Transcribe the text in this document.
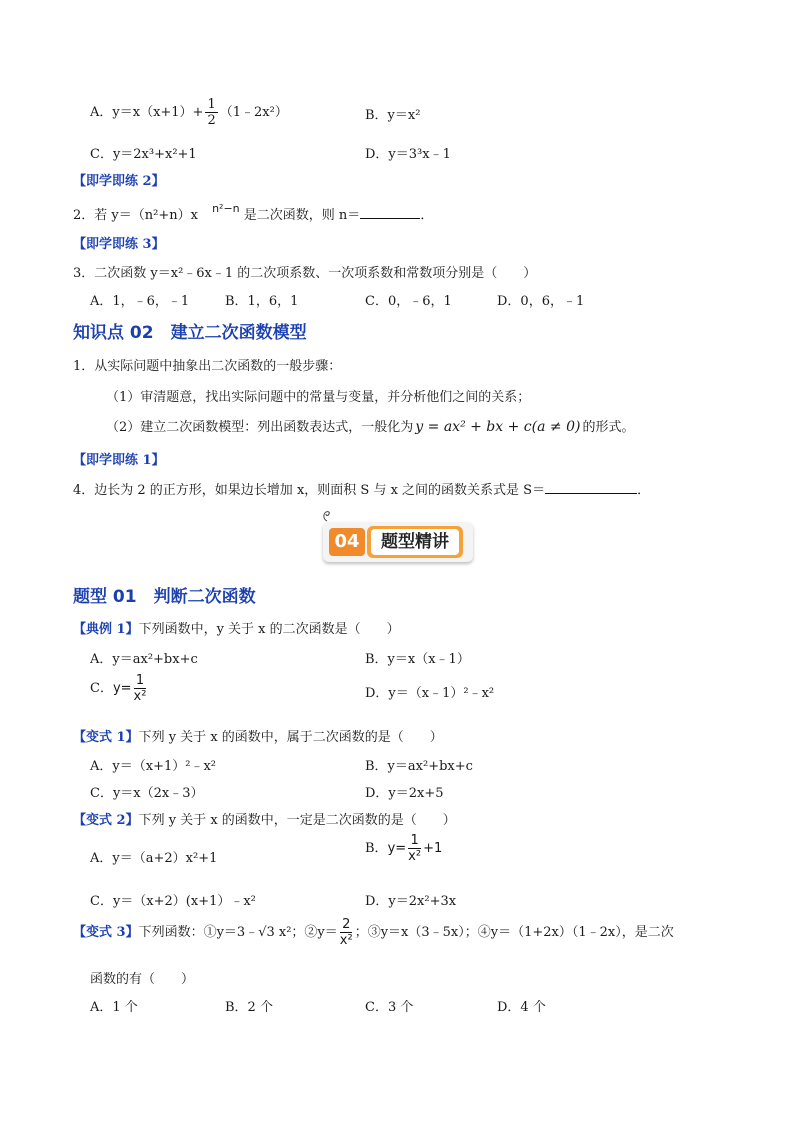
A．$y=x(x+1)+ \frac{1}{2}$ （1﹣2x²）	B．y＝x²
C．y＝2x³+x²+1	D．y＝3³x﹣1
【即学即练 2】
2．若 y＝（n²+n）x $^{n^2-n}$ 是二次函数，则 n＝	．
【即学即练 3】
3．二次函数 y＝x²﹣6x﹣1 的二次项系数、一次项系数和常数项分别是（　　）
A．1，﹣6，﹣1	B．1，6，1	C．0，﹣6，1	D．0，6，﹣1
知识点 02　建立二次函数模型
1．从实际问题中抽象出二次函数的一般步骤：
（1）审清题意，找出实际问题中的常量与变量，并分析他们之间的关系；
（2）建立二次函数模型：列出函数表达式，一般化为 y = ax² + bx + c(a ≠ 0) 的形式。
【即学即练 1】
4．边长为 2 的正方形，如果边长增加 x，则面积 S 与 x 之间的函数关系式是 S＝	．
04	题型精讲
题型 01　判断二次函数
【典例 1】下列函数中，y 关于 x 的二次函数是（　　）
A．y＝ax²+bx+c	B．y＝x（x﹣1）
C．$y= \frac{1}{\text{x²}}$	D．y＝（x﹣1）²﹣x²
【变式 1】下列 y 关于 x 的函数中，属于二次函数的是（　　）
A．y＝（x+1）²﹣x²	B．y＝ax²+bx+c
C．y＝x（2x﹣3）	D．y＝2x+5
【变式 2】下列 y 关于 x 的函数中，一定是二次函数的是（　　）
A．y＝（a+2）x²+1
B．$y= \frac{1}{\text{x²}} +1$
C．y＝（x+2）(x+1）﹣x²	D．y＝2x²+3x
【变式 3】下列函数：①y＝3﹣√3 x²；②y＝ $\frac{2}{\text{x²}}$ ；③y＝x（3﹣5x）；④y＝（1+2x）（1﹣2x），是二次
函数的有（　　）
A．1 个	B．2 个	C．3 个	D．4 个
